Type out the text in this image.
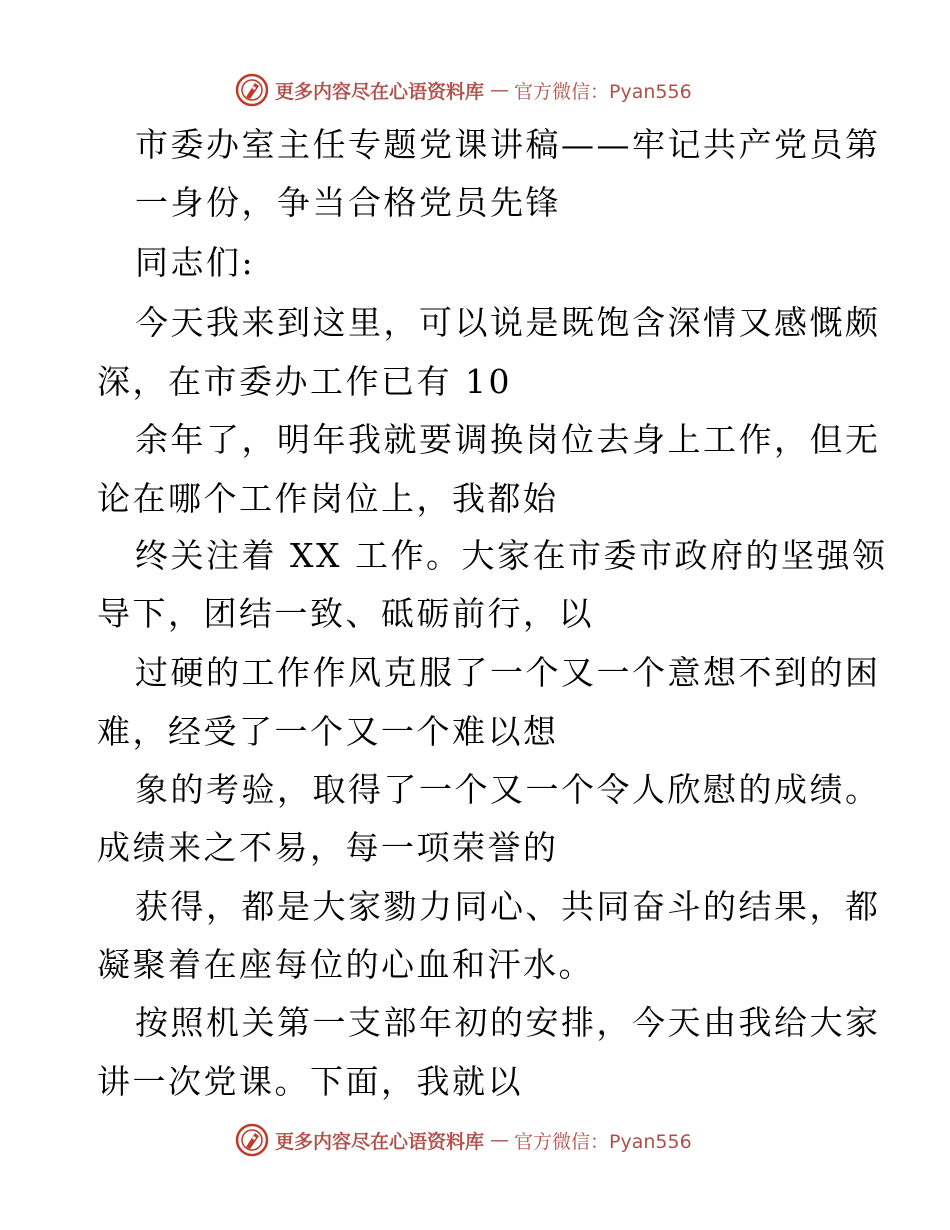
更多内容尽在心语资料库 — 官方微信：Pyan556
市委办室主任专题党课讲稿——牢记共产党员第
一身份，争当合格党员先锋
同志们:
今天我来到这里，可以说是既饱含深情又感慨颇
深，在市委办工作已有 10
余年了，明年我就要调换岗位去身上工作，但无
论在哪个工作岗位上，我都始
终关注着 XX 工作。大家在市委市政府的坚强领
导下，团结一致、砥砺前行，以
过硬的工作作风克服了一个又一个意想不到的困
难，经受了一个又一个难以想
象的考验，取得了一个又一个令人欣慰的成绩。
成绩来之不易，每一项荣誉的
获得，都是大家勠力同心、共同奋斗的结果，都
凝聚着在座每位的心血和汗水。
按照机关第一支部年初的安排，今天由我给大家
讲一次党课。下面，我就以
更多内容尽在心语资料库 — 官方微信：Pyan556
